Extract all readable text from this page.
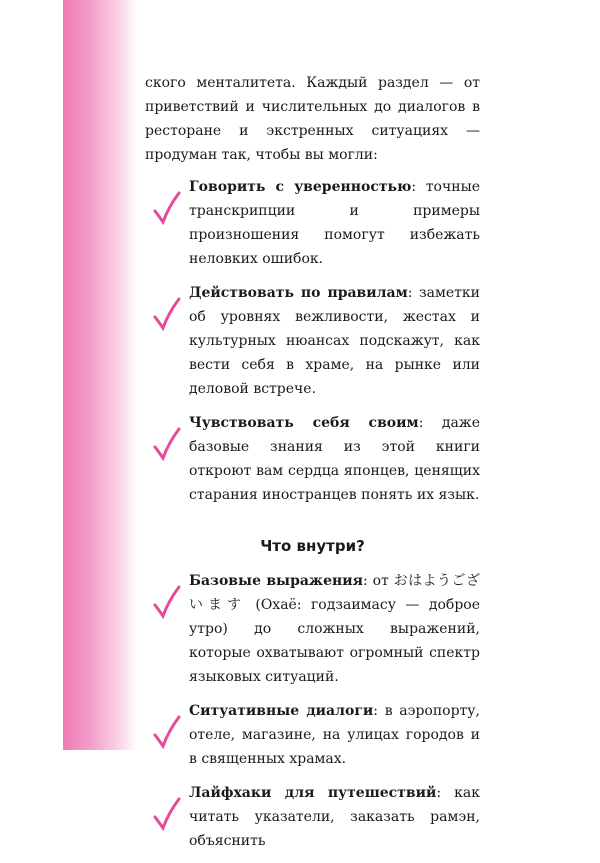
ОТ АВТОРА
4

ского менталитета. Каждый раздел — от приветствий и числительных до диалогов в ресторане и экстренных ситуациях — продуман так, чтобы вы могли:

Говорить с уверенностью: точные транскрипции и примеры произношения помогут избежать неловких ошибок.

Действовать по правилам: заметки об уровнях вежливости, жестах и культурных нюансах подскажут, как вести себя в храме, на рынке или деловой встрече.

Чувствовать себя своим: даже базовые знания из этой книги откроют вам сердца японцев, ценящих старания иностранцев понять их язык.

Что внутри?

Базовые выражения: от おはようございます (Охаё: годзаимасу — доброе утро) до сложных выражений, которые охватывают огромный спектр языковых ситуаций.

Ситуативные диалоги: в аэропорту, отеле, магазине, на улицах городов и в священных храмах.

Лайфхаки для путешествий: как читать указатели, заказать рамэн, объяснить
